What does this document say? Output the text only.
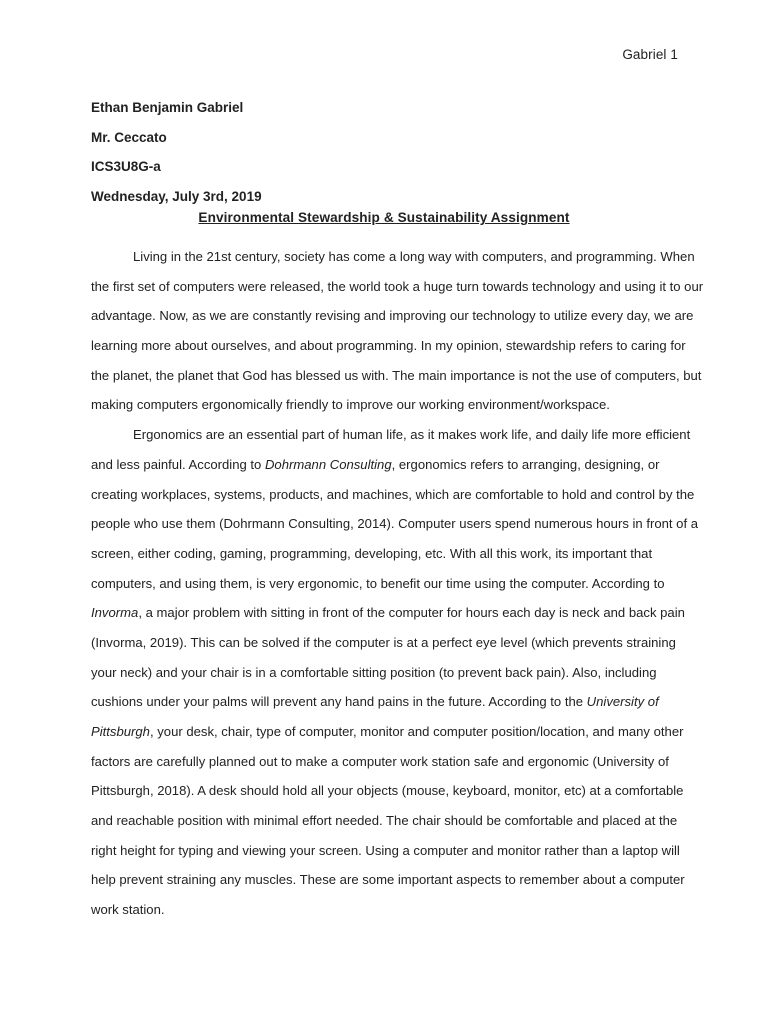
Gabriel 1
Ethan Benjamin Gabriel
Mr. Ceccato
ICS3U8G-a
Wednesday, July 3rd, 2019
Environmental Stewardship & Sustainability Assignment
Living in the 21st century, society has come a long way with computers, and programming. When
the first set of computers were released, the world took a huge turn towards technology and using it to our
advantage. Now, as we are constantly revising and improving our technology to utilize every day, we are
learning more about ourselves, and about programming. In my opinion, stewardship refers to caring for
the planet, the planet that God has blessed us with. The main importance is not the use of computers, but
making computers ergonomically friendly to improve our working environment/workspace.
Ergonomics are an essential part of human life, as it makes work life, and daily life more efficient
and less painful. According to Dohrmann Consulting, ergonomics refers to arranging, designing, or
creating workplaces, systems, products, and machines, which are comfortable to hold and control by the
people who use them (Dohrmann Consulting, 2014). Computer users spend numerous hours in front of a
screen, either coding, gaming, programming, developing, etc. With all this work, its important that
computers, and using them, is very ergonomic, to benefit our time using the computer. According to
Invorma, a major problem with sitting in front of the computer for hours each day is neck and back pain
(Invorma, 2019). This can be solved if the computer is at a perfect eye level (which prevents straining
your neck) and your chair is in a comfortable sitting position (to prevent back pain). Also, including
cushions under your palms will prevent any hand pains in the future. According to the University of
Pittsburgh, your desk, chair, type of computer, monitor and computer position/location, and many other
factors are carefully planned out to make a computer work station safe and ergonomic (University of
Pittsburgh, 2018). A desk should hold all your objects (mouse, keyboard, monitor, etc) at a comfortable
and reachable position with minimal effort needed. The chair should be comfortable and placed at the
right height for typing and viewing your screen. Using a computer and monitor rather than a laptop will
help prevent straining any muscles. These are some important aspects to remember about a computer
work station.
